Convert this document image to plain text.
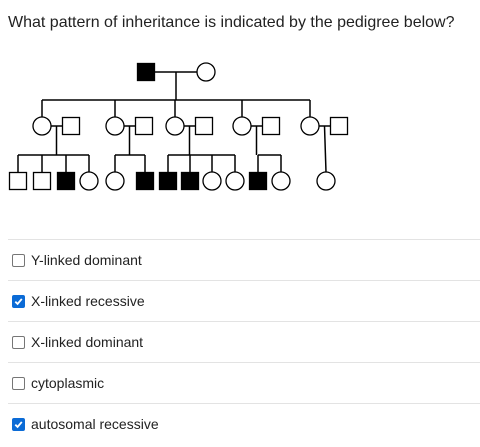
What pattern of inheritance is indicated by the pedigree below?

Y-linked dominant
X-linked recessive
X-linked dominant
cytoplasmic
autosomal recessive
